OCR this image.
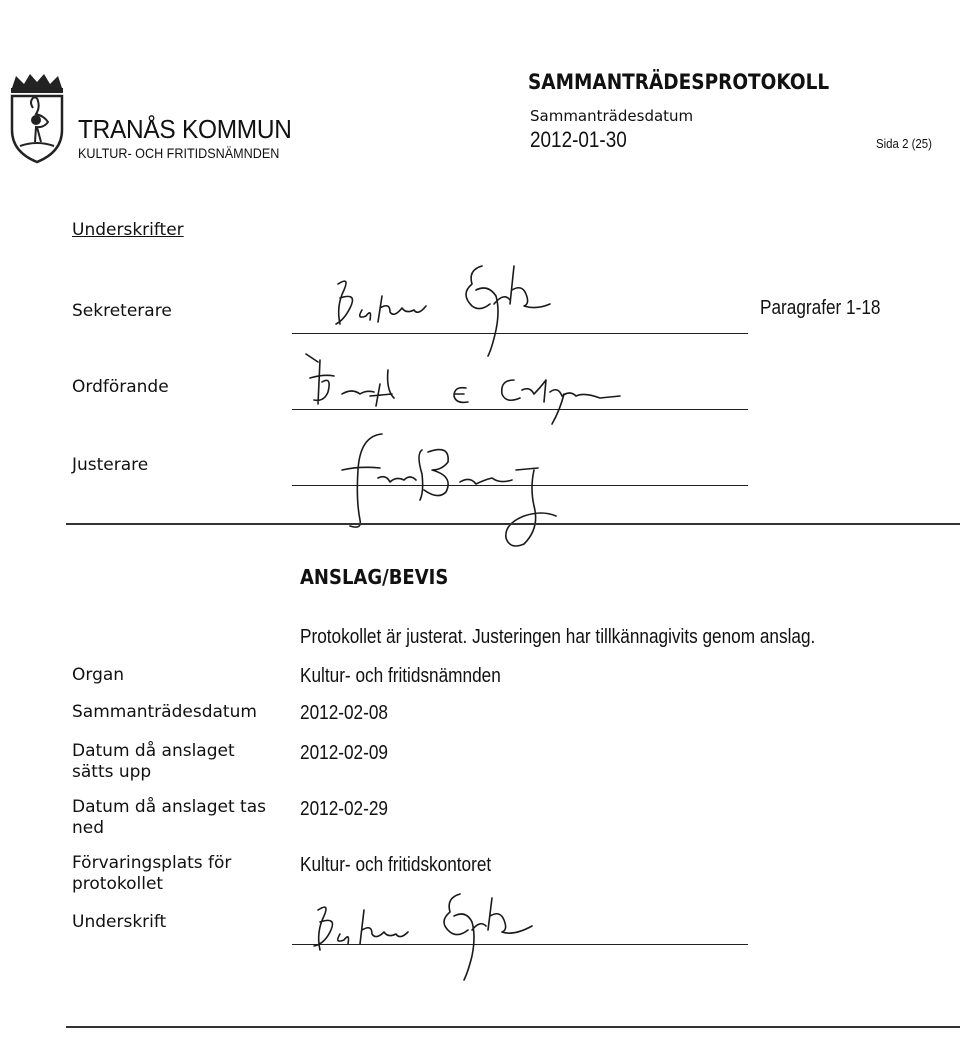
TRANÅS KOMMUN
KULTUR- OCH FRITIDSNÄMNDEN
SAMMANTRÄDESPROTOKOLL
Sammanträdesdatum
2012-01-30	Sida 2 (25)
Underskrifter
Sekreterare	Paragrafer 1-18
Ordförande
Justerare
ANSLAG/BEVIS
Protokollet är justerat. Justeringen har tillkännagivits genom anslag.
Organ	Kultur- och fritidsnämnden
Sammanträdesdatum 2012-02-08
Datum då anslaget
sätts upp
2012-02-09
Datum då anslaget tas
ned
2012-02-29
Förvaringsplats för
protokollet
Kultur- och fritidskontoret
Underskrift
